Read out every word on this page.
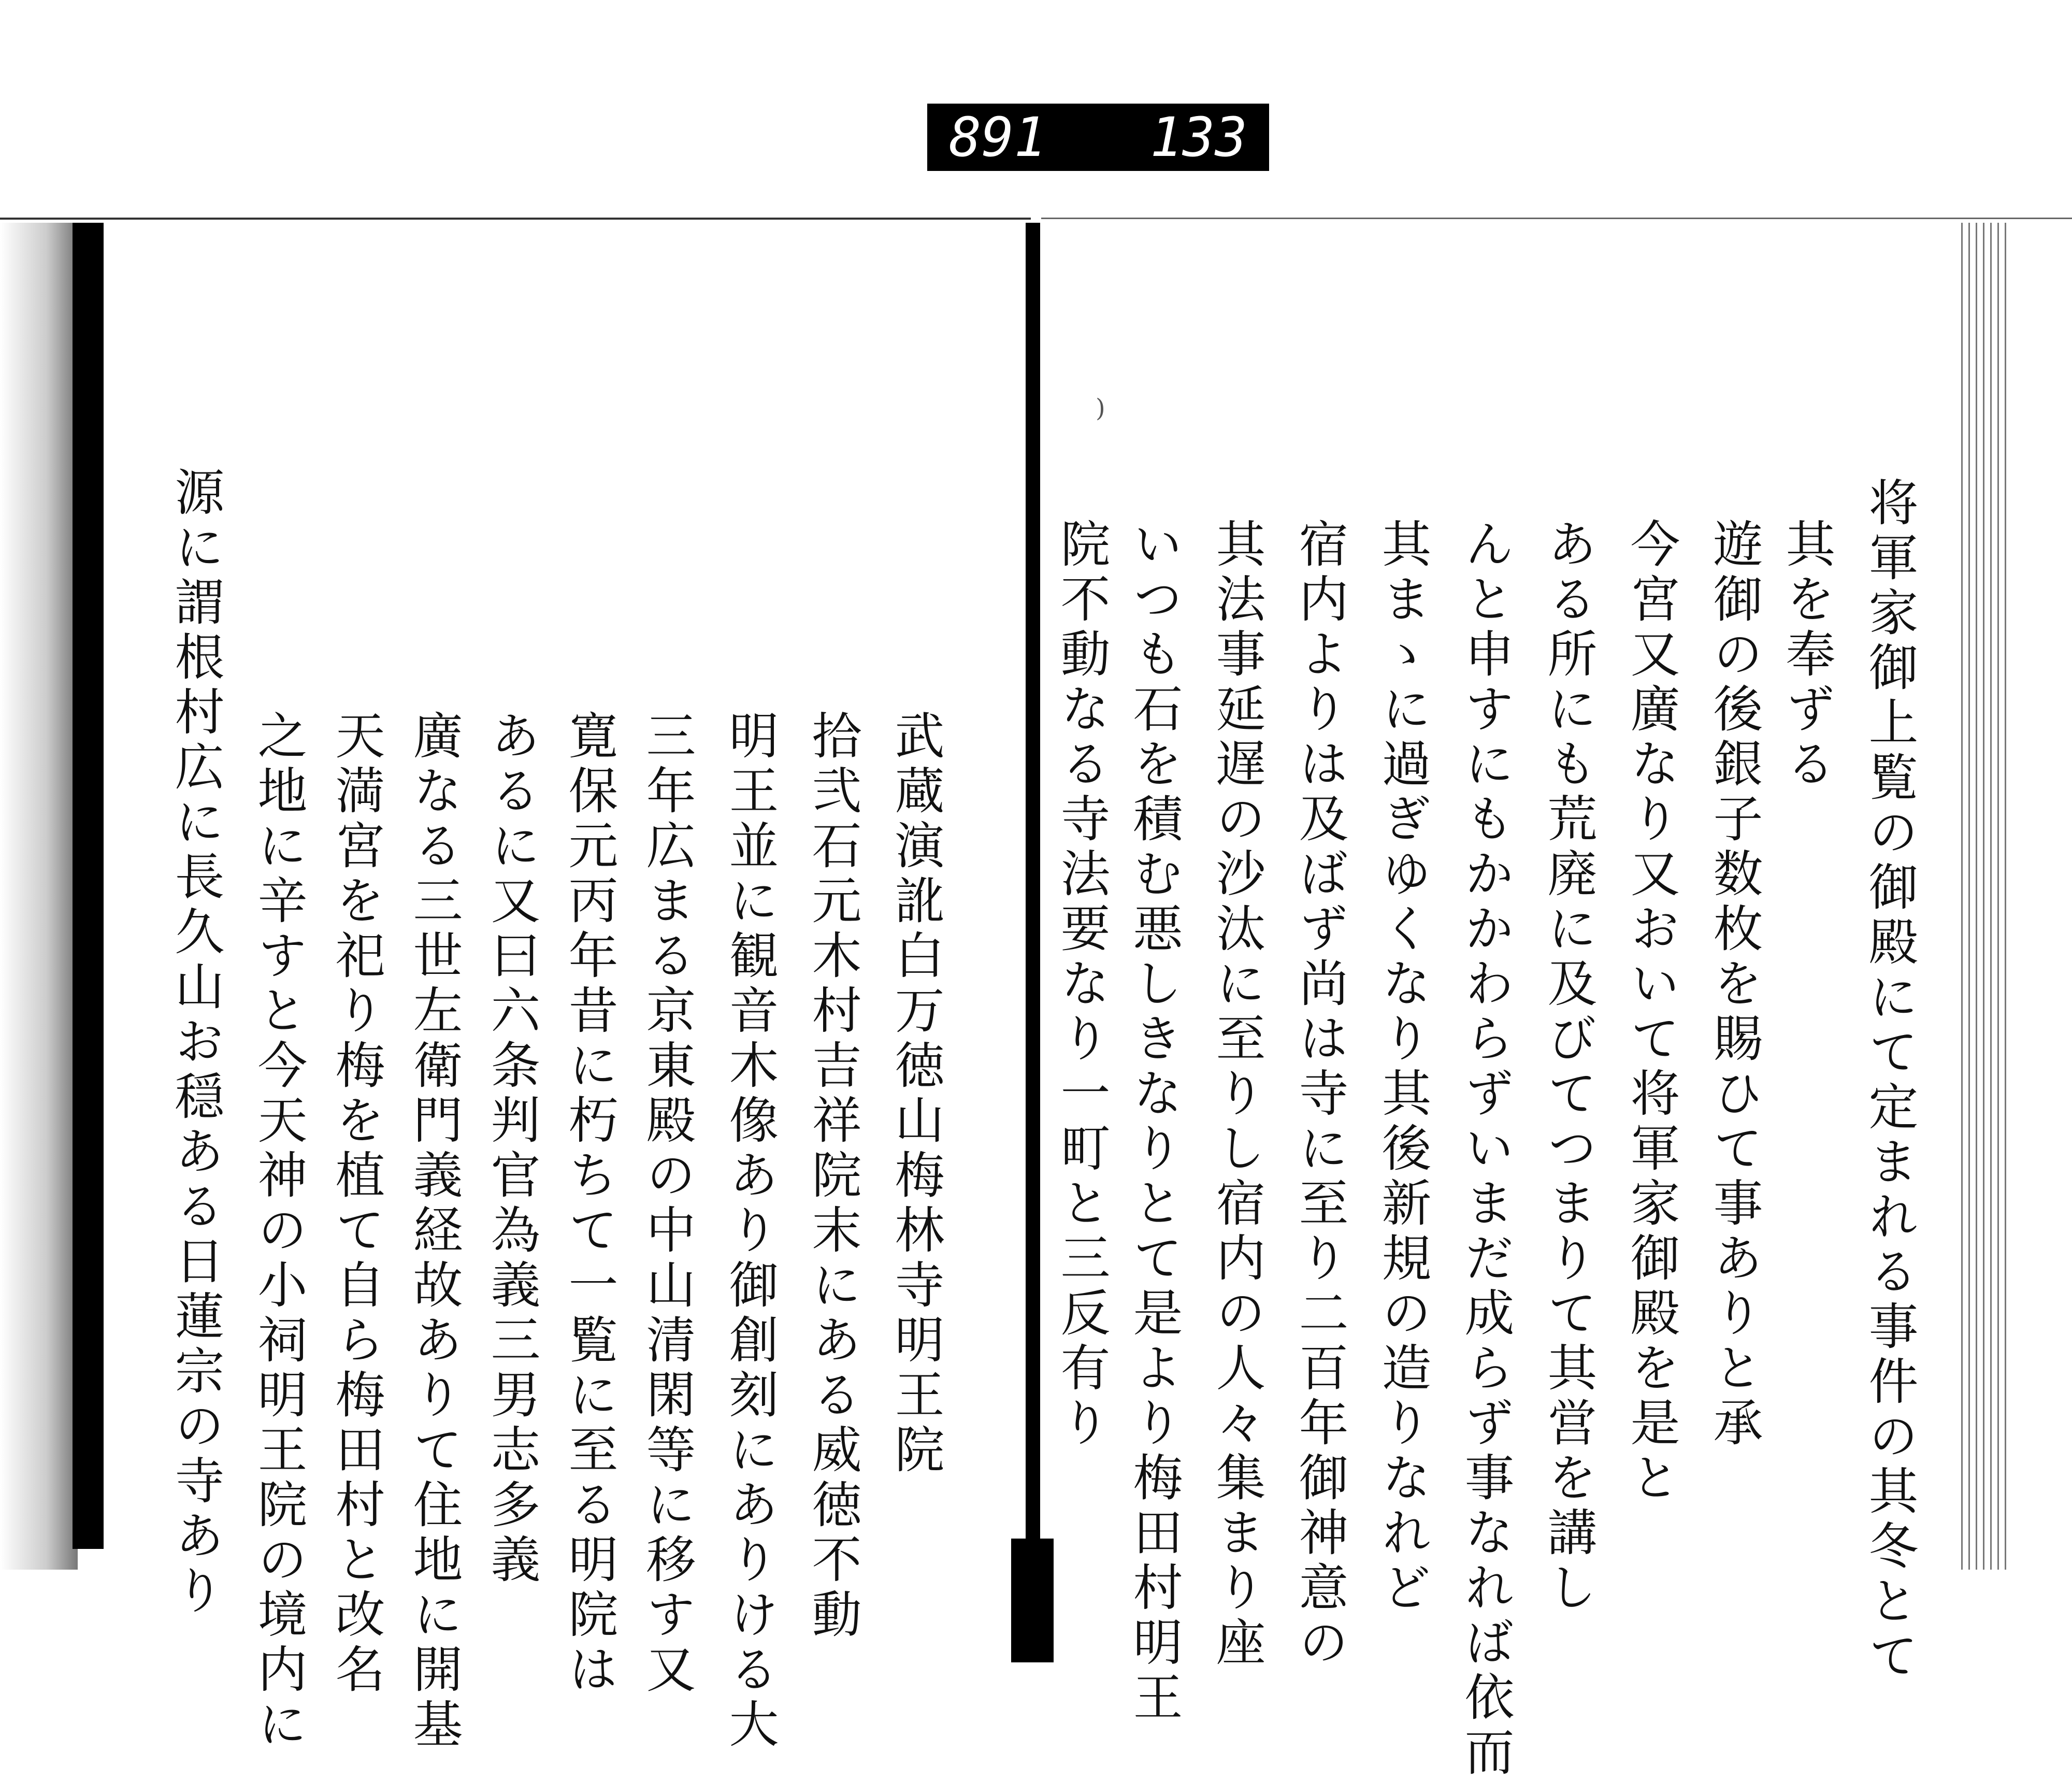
891 133
)
将軍家御上覧の御殿にて定まれる事件の其冬とて
其を奉ずる
遊御の後銀子数枚を賜ひて事ありと承
今宮又廣なり又おいて将軍家御殿を是と
ある所にも荒廃に及びてつまりて其営を講し
んと申すにもかかわらずいまだ成らず事なれば依而
其まゝに過ぎゆくなり其後新規の造りなれど
宿内よりは及ばず尚は寺に至り二百年御神意の
其法事延遅の沙汰に至りし宿内の人々集まり座
いつも石を積む悪しきなりとて是より梅田村明王
院不動なる寺法要なり一町と三反有り
武蔵演訛白万徳山梅林寺明王院
拾弐石元木村吉祥院末にある威徳不動
明王並に観音木像あり御創刻にありける大
三年広まる京東殿の中山清閑等に移す又
寛保元丙年昔に朽ちて一覧に至る明院は
あるに又曰六条判官為義三男志多義
廣なる三世左衛門義経故ありて住地に開基
天満宮を祀り梅を植て自ら梅田村と改名
之地に辛すと今天神の小祠明王院の境内に
源に謂根村広に長久山お穏ある日蓮宗の寺あり
